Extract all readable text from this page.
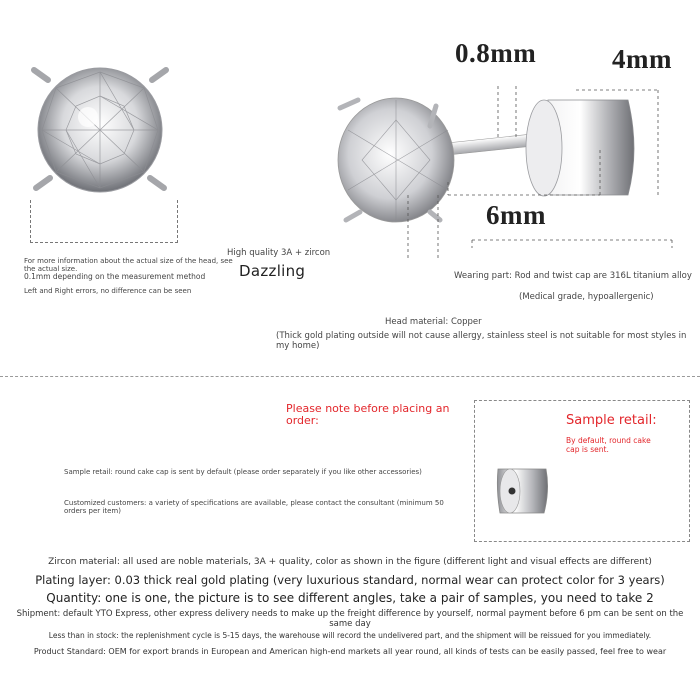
For more information about the actual size of the head, see the actual size.
0.1mm depending on the measurement method
Left and Right errors, no difference can be seen
0.8mm	4mm
6mm
High quality 3A + zircon
Dazzling	Wearing part: Rod and twist cap are 316L titanium alloy
(Medical grade, hypoallergenic)
Head material: Copper
(Thick gold plating outside will not cause allergy, stainless steel is not suitable for most styles in my home)
Please note before placing an order:
Sample retail: round cake cap is sent by default (please order separately if you like other accessories)
Customized customers: a variety of specifications are available, please contact the consultant (minimum 50 orders per item)
Sample retail:
By default, round cake cap is sent.
Zircon material: all used are noble materials, 3A + quality, color as shown in the figure (different light and visual effects are different)
Plating layer: 0.03 thick real gold plating (very luxurious standard, normal wear can protect color for 3 years)
Quantity: one is one, the picture is to see different angles, take a pair of samples, you need to take 2
Shipment: default YTO Express, other express delivery needs to make up the freight difference by yourself, normal payment before 6 pm can be sent on the same day
Less than in stock: the replenishment cycle is 5-15 days, the warehouse will record the undelivered part, and the shipment will be reissued for you immediately.
Product Standard: OEM for export brands in European and American high-end markets all year round, all kinds of tests can be easily passed, feel free to wear
